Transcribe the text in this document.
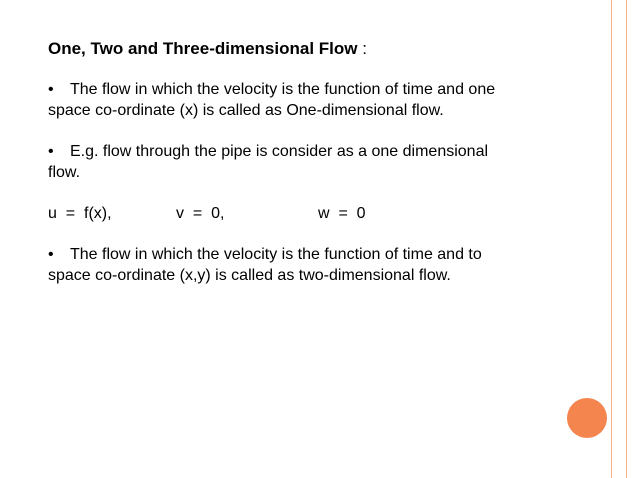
One, Two and Three-dimensional Flow :

• The flow in which the velocity is the function of time and one space co-ordinate (x) is called as One-dimensional flow.

• E.g. flow through the pipe is consider as a one dimensional flow.

u  =  f(x),	v  =  0,	w  =  0

• The flow in which the velocity is the function of time and to space co-ordinate (x,y) is called as two-dimensional flow.
